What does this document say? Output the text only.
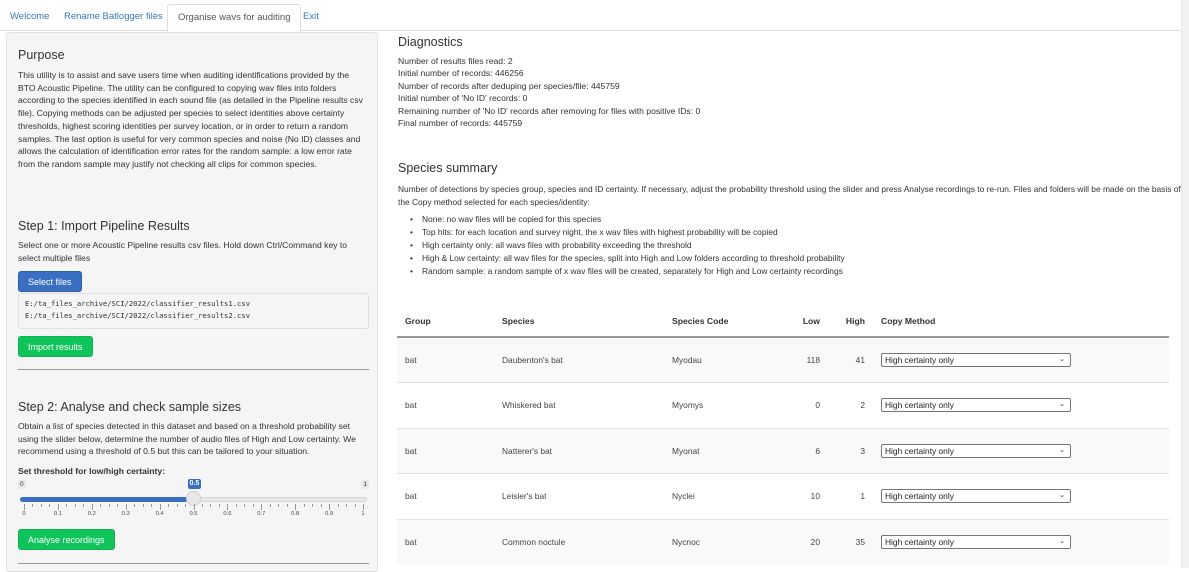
Welcome	Rename Batlogger files	Organise wavs for auditing	Exit
Purpose

This utility is to assist and save users time when auditing identifications provided by the BTO Acoustic Pipeline. The utility can be configured to copying wav files into folders according to the species identified in each sound file (as detailed in the Pipeline results csv file). Copying methods can be adjusted per species to select identities above certainty thresholds, highest scoring identities per survey location, or in order to return a random samples. The last option is useful for very common species and noise (No ID) classes and allows the calculation of identification error rates for the random sample: a low error rate from the random sample may justify not checking all clips for common species.

Step 1: Import Pipeline Results

Select one or more Acoustic Pipeline results csv files. Hold down Ctrl/Command key to select multiple files

Select files
E:/ta_files_archive/SCI/2022/classifier_results1.csv
E:/ta_files_archive/SCI/2022/classifier_results2.csv
Import results
Step 2: Analyse and check sample sizes

Obtain a list of species detected in this dataset and based on a threshold probability set using the slider below, determine the number of audio files of High and Low certainty. We recommend using a threshold of 0.5 but this can be tailored to your situation.

Set threshold for low/high certainty:
0	1
0.5
0	0.1	0.2	0.3	0.4	0.5	0.6	0.7	0.8	0.9	1
Analyse recordings
Diagnostics
Number of results files read: 2
Initial number of records: 446256
Number of records after deduping per species/file: 445759
Initial number of 'No ID' records: 0
Remaining number of 'No ID' records after removing for files with positive IDs: 0
Final number of records: 445759
Species summary
Number of detections by species group, species and ID certainty. If necessary, adjust the probability threshold using the slider and press Analyse recordings to re-run. Files and folders will be made on the basis of the Copy method selected for each species/identity:
• None: no wav files will be copied for this species
• Top hits: for each location and survey night, the x wav files with highest probability will be copied
• High certainty only: all wavs files with probability exceeding the threshold
• High & Low certainty: all wav files for the species, split into High and Low folders according to threshold probability
• Random sample: a random sample of x wav files will be created, separately for High and Low certainty recordings
Group	Species	Species Code	Low	High	Copy Method
bat	Daubenton's bat	Myodau	118	41	High certainty only ⌄

bat	Whiskered bat	Myomys	0	2	High certainty only ⌄

bat	Natterer's bat	Myonat	6	3	High certainty only ⌄

bat	Leisler's bat	Nyclei	10	1	High certainty only ⌄

bat	Common noctule	Nycnoc	20	35	High certainty only ⌄
